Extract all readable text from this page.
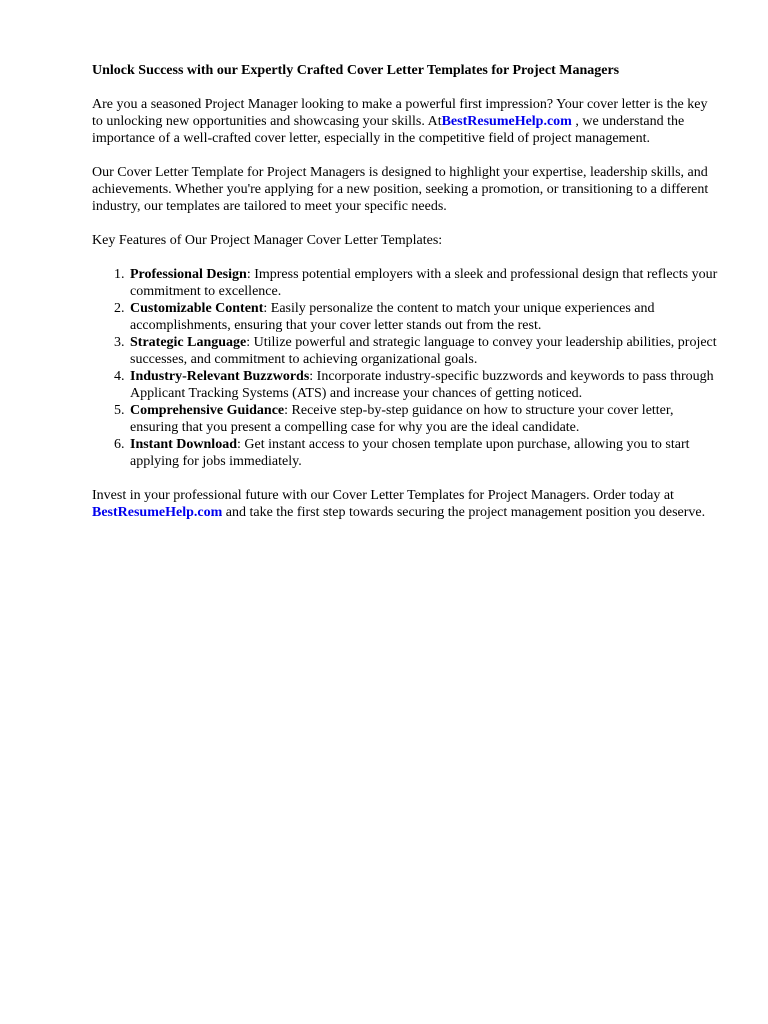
Unlock Success with our Expertly Crafted Cover Letter Templates for Project Managers

Are you a seasoned Project Manager looking to make a powerful first impression? Your cover letter is the key to unlocking new opportunities and showcasing your skills. AtBestResumeHelp.com , we understand the importance of a well-crafted cover letter, especially in the competitive field of project management.

Our Cover Letter Template for Project Managers is designed to highlight your expertise, leadership skills, and achievements. Whether you're applying for a new position, seeking a promotion, or transitioning to a different industry, our templates are tailored to meet your specific needs.

Key Features of Our Project Manager Cover Letter Templates:

1. Professional Design: Impress potential employers with a sleek and professional design that reflects your commitment to excellence.
2. Customizable Content: Easily personalize the content to match your unique experiences and accomplishments, ensuring that your cover letter stands out from the rest.
3. Strategic Language: Utilize powerful and strategic language to convey your leadership abilities, project successes, and commitment to achieving organizational goals.
4. Industry-Relevant Buzzwords: Incorporate industry-specific buzzwords and keywords to pass through Applicant Tracking Systems (ATS) and increase your chances of getting noticed.
5. Comprehensive Guidance: Receive step-by-step guidance on how to structure your cover letter, ensuring that you present a compelling case for why you are the ideal candidate.
6. Instant Download: Get instant access to your chosen template upon purchase, allowing you to start applying for jobs immediately.

Invest in your professional future with our Cover Letter Templates for Project Managers. Order today at BestResumeHelp.com and take the first step towards securing the project management position you deserve.
